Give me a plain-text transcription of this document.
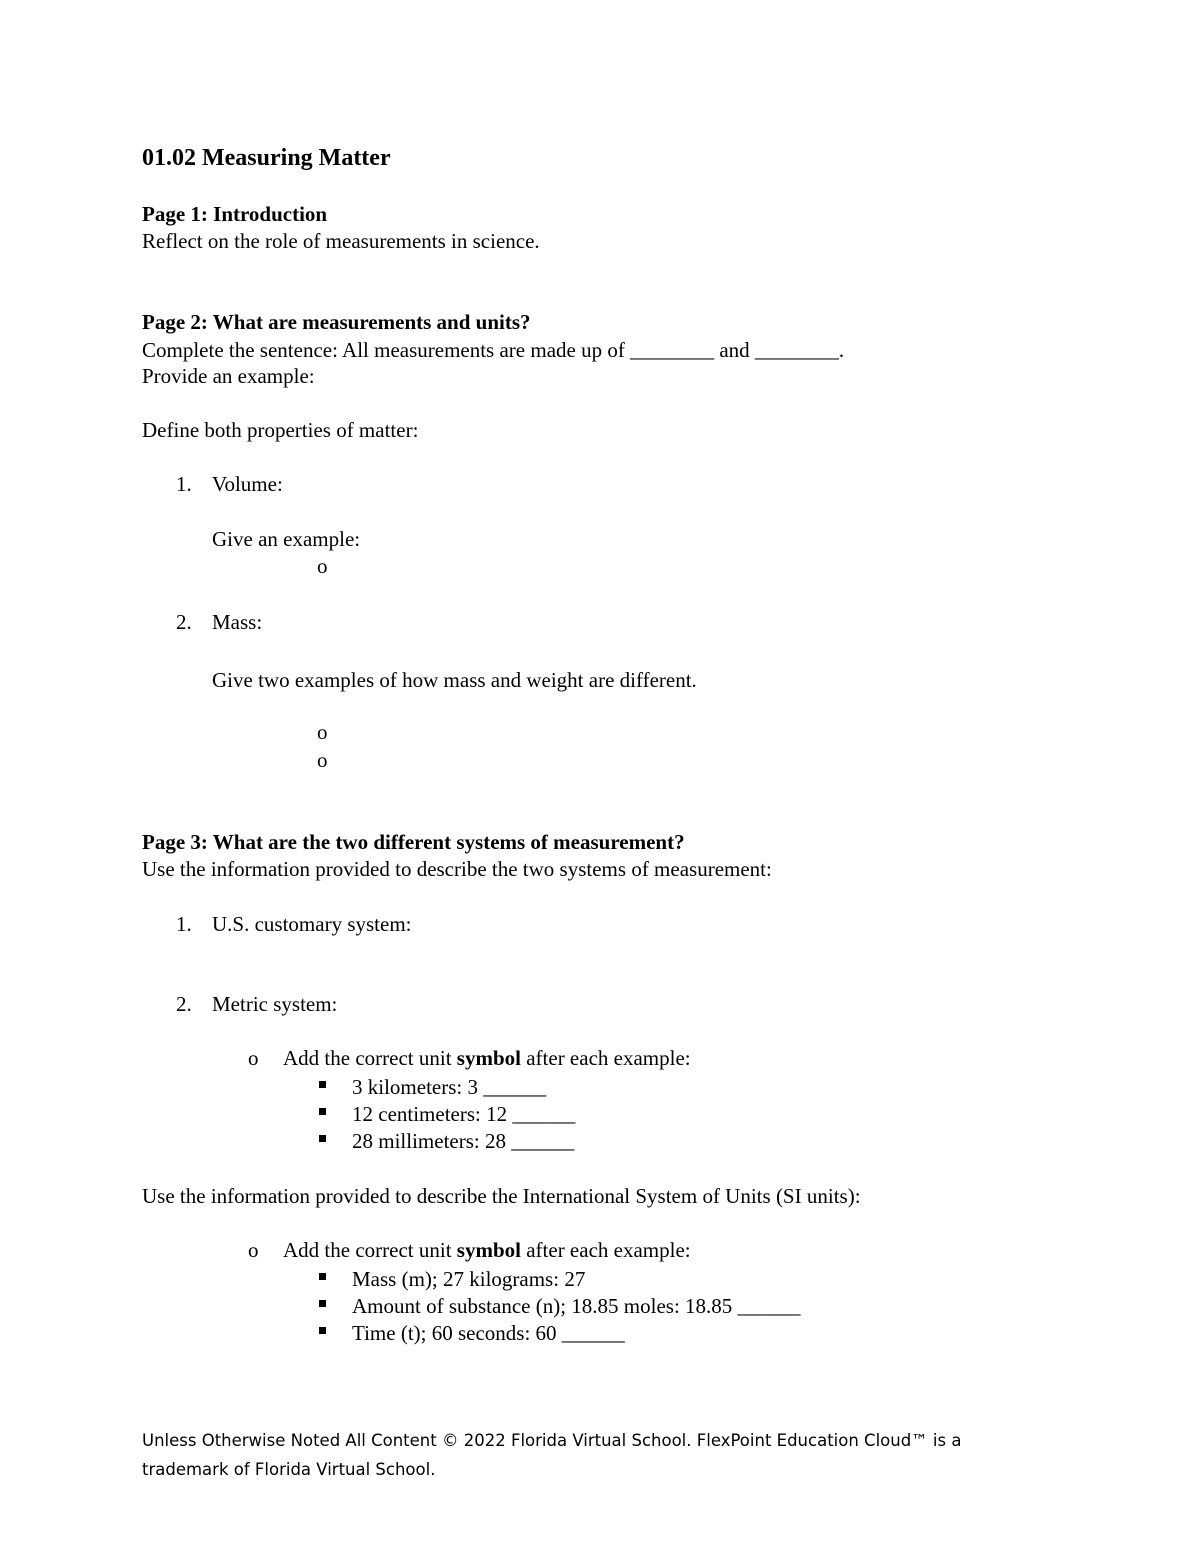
01.02 Measuring Matter
Page 1: Introduction
Reflect on the role of measurements in science.
Page 2: What are measurements and units?
Complete the sentence: All measurements are made up of ________ and ________.
Provide an example:
Define both properties of matter:
1. Volume:
Give an example:
o
2. Mass:
Give two examples of how mass and weight are different.
o
o
Page 3: What are the two different systems of measurement?
Use the information provided to describe the two systems of measurement:
1. U.S. customary system:
2. Metric system:
o Add the correct unit symbol after each example:
3 kilometers: 3 ______
12 centimeters: 12 ______
28 millimeters: 28 ______
Use the information provided to describe the International System of Units (SI units):
o Add the correct unit symbol after each example:
Mass (m); 27 kilograms: 27
Amount of substance (n); 18.85 moles: 18.85 ______
Time (t); 60 seconds: 60 ______
Unless Otherwise Noted All Content © 2022 Florida Virtual School. FlexPoint Education Cloud™ is a
trademark of Florida Virtual School.
